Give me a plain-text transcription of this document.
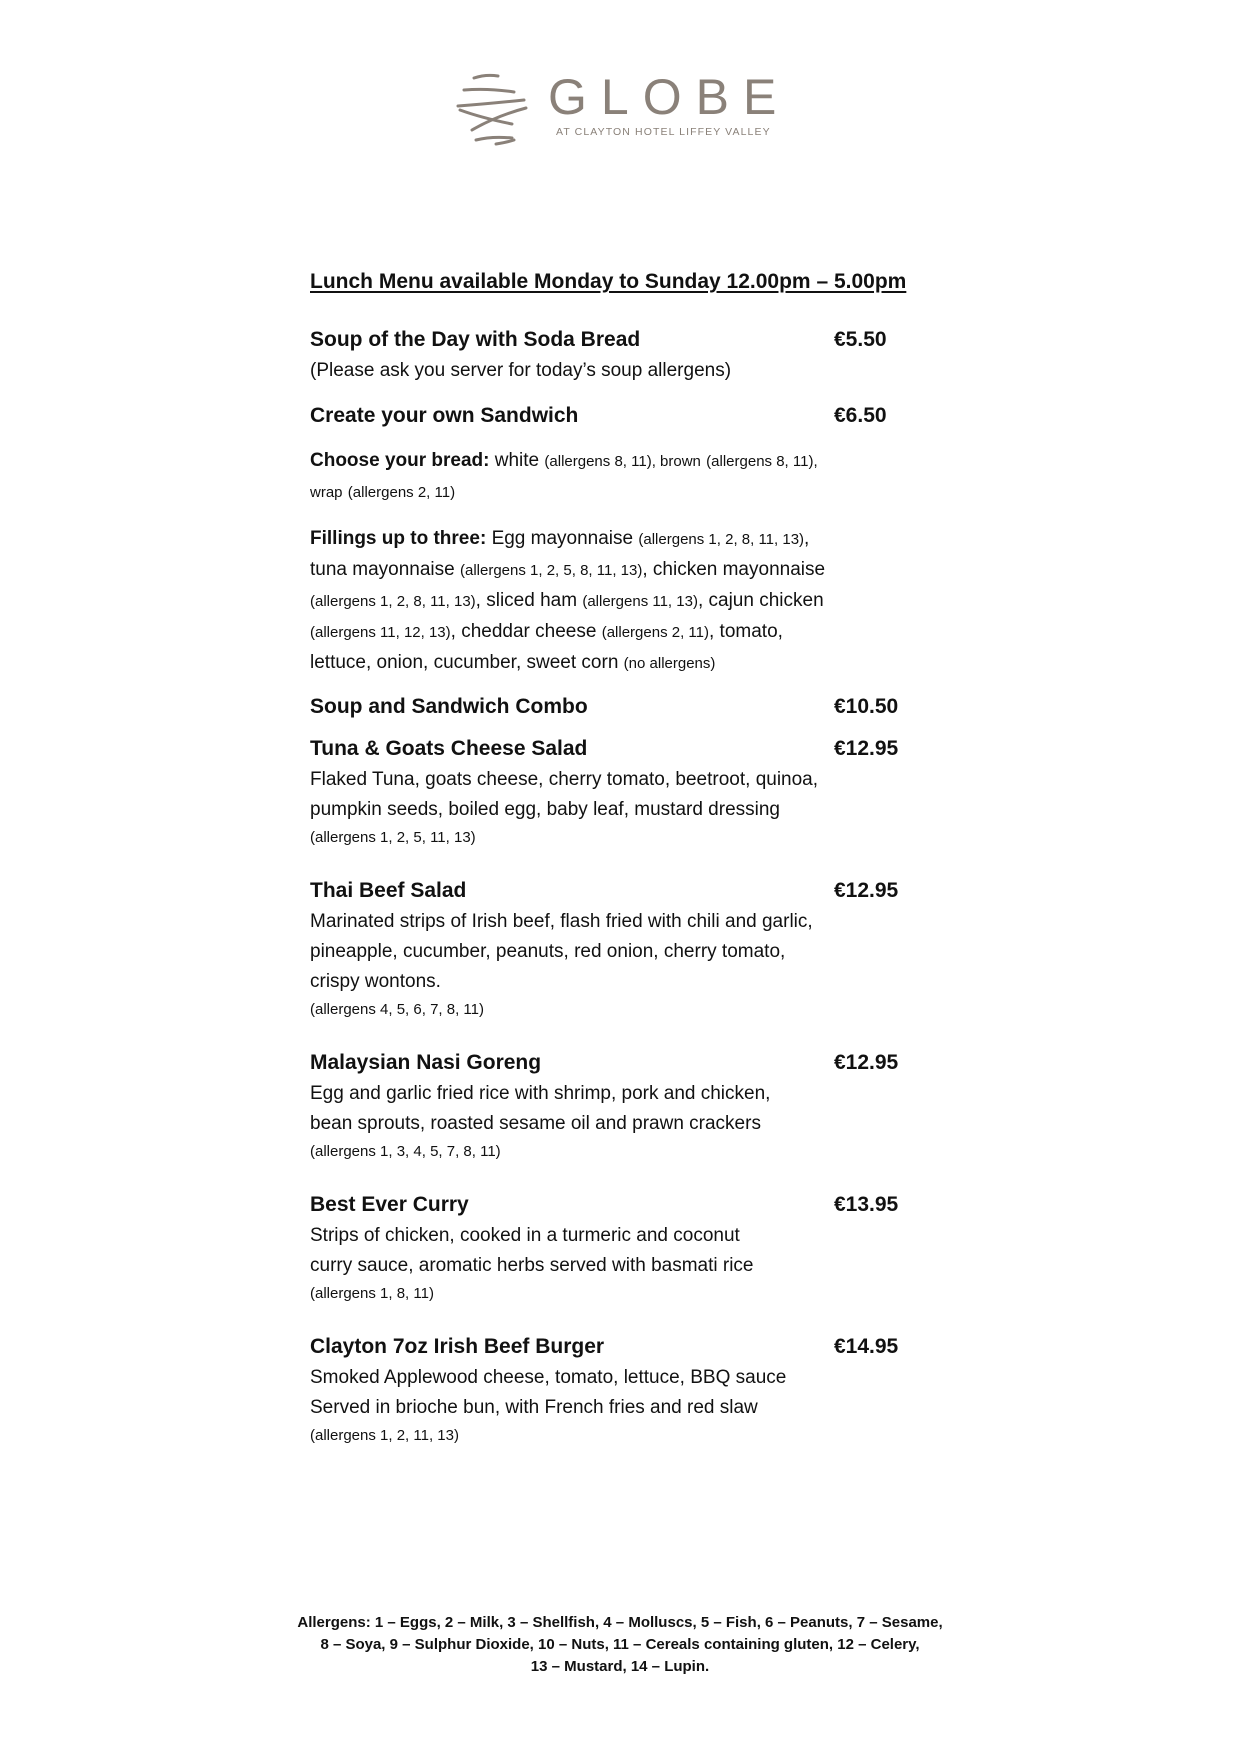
GLOBE
AT CLAYTON HOTEL LIFFEY VALLEY
Lunch Menu available Monday to Sunday 12.00pm – 5.00pm
Soup of the Day with Soda Bread	€5.50
(Please ask you server for today’s soup allergens)
Create your own Sandwich	€6.50
Choose your bread: white (allergens 8, 11), brown (allergens 8, 11),
wrap (allergens 2, 11)
Fillings up to three: Egg mayonnaise (allergens 1, 2, 8, 11, 13),
tuna mayonnaise (allergens 1, 2, 5, 8, 11, 13), chicken mayonnaise
(allergens 1, 2, 8, 11, 13), sliced ham (allergens 11, 13), cajun chicken
(allergens 11, 12, 13), cheddar cheese (allergens 2, 11), tomato,
lettuce, onion, cucumber, sweet corn (no allergens)
Soup and Sandwich Combo	€10.50
Tuna & Goats Cheese Salad	€12.95
Flaked Tuna, goats cheese, cherry tomato, beetroot, quinoa,
pumpkin seeds, boiled egg, baby leaf, mustard dressing
(allergens 1, 2, 5, 11, 13)
Thai Beef Salad	€12.95
Marinated strips of Irish beef, flash fried with chili and garlic,
pineapple, cucumber, peanuts, red onion, cherry tomato,
crispy wontons.
(allergens 4, 5, 6, 7, 8, 11)
Malaysian Nasi Goreng	€12.95
Egg and garlic fried rice with shrimp, pork and chicken,
bean sprouts, roasted sesame oil and prawn crackers
(allergens 1, 3, 4, 5, 7, 8, 11)
Best Ever Curry	€13.95
Strips of chicken, cooked in a turmeric and coconut
curry sauce, aromatic herbs served with basmati rice
(allergens 1, 8, 11)
Clayton 7oz Irish Beef Burger	€14.95
Smoked Applewood cheese, tomato, lettuce, BBQ sauce
Served in brioche bun, with French fries and red slaw
(allergens 1, 2, 11, 13)
Allergens: 1 – Eggs, 2 – Milk, 3 – Shellfish, 4 – Molluscs, 5 – Fish, 6 – Peanuts, 7 – Sesame,
8 – Soya, 9 – Sulphur Dioxide, 10 – Nuts, 11 – Cereals containing gluten, 12 – Celery,
13 – Mustard, 14 – Lupin.
